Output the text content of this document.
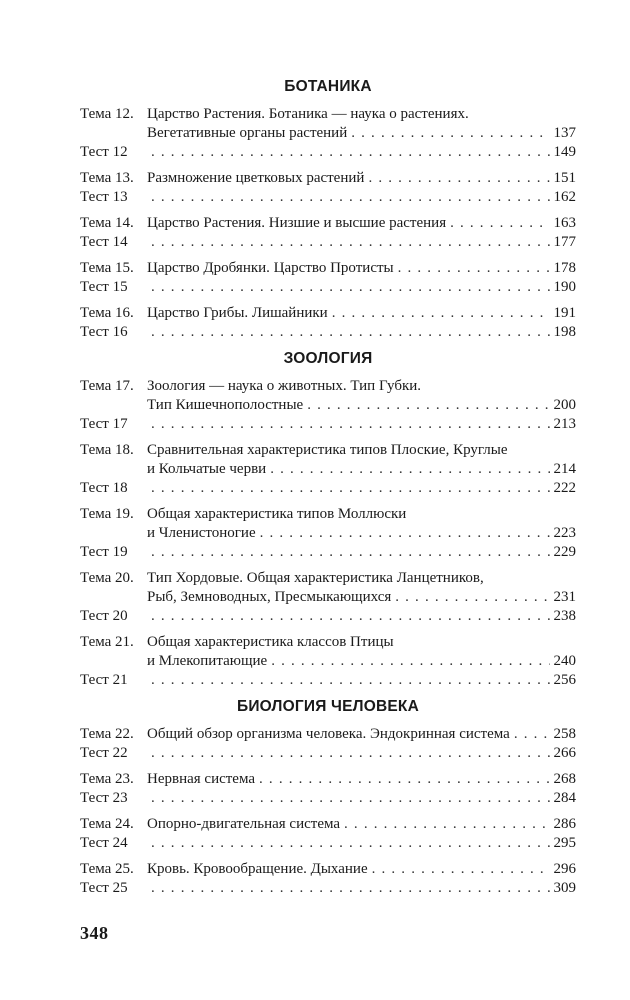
БОТАНИКА
Тема 12. Царство Растения. Ботаника — наука о растениях.
Вегетативные органы растений . . .	137
Тест 12 . . .	149
Тема 13. Размножение цветковых растений . . .	151
Тест 13 . . .	162
Тема 14. Царство Растения. Низшие и высшие растения . . .	163
Тест 14 . . .	177
Тема 15. Царство Дробянки. Царство Протисты . . .	178
Тест 15 . . .	190
Тема 16. Царство Грибы. Лишайники . . .	191
Тест 16 . . .	198
ЗООЛОГИЯ
Тема 17. Зоология — наука о животных. Тип Губки.
Тип Кишечнополостные . . .	200
Тест 17 . . .	213
Тема 18. Сравнительная характеристика типов Плоские, Круглые
и Кольчатые черви . . .	214
Тест 18 . . .	222
Тема 19. Общая характеристика типов Моллюски
и Членистоногие . . .	223
Тест 19 . . .	229
Тема 20. Тип Хордовые. Общая характеристика Ланцетников,
Рыб, Земноводных, Пресмыкающихся . . .	231
Тест 20 . . .	238
Тема 21. Общая характеристика классов Птицы
и Млекопитающие . . .	240
Тест 21 . . .	256
БИОЛОГИЯ ЧЕЛОВЕКА
Тема 22. Общий обзор организма человека. Эндокринная система . . .	258
Тест 22 . . .	266
Тема 23. Нервная система . . .	268
Тест 23 . . .	284
Тема 24. Опорно-двигательная система . . .	286
Тест 24 . . .	295
Тема 25. Кровь. Кровообращение. Дыхание . . .	296
Тест 25 . . .	309
348
